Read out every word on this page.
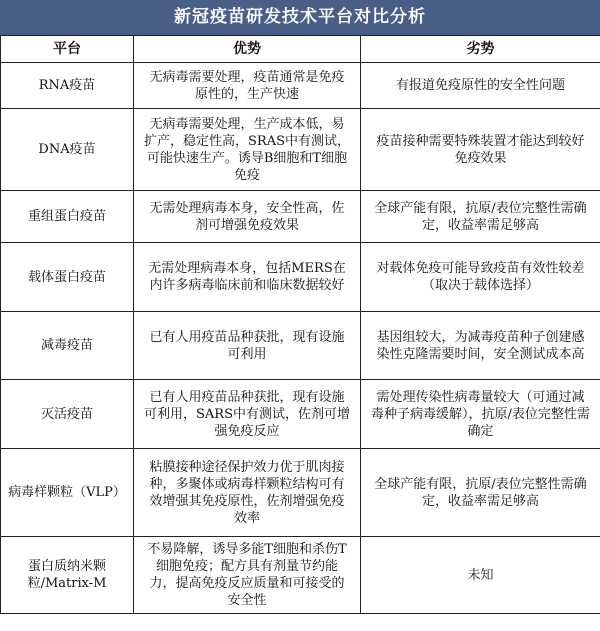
新冠疫苗研发技术平台对比分析
平台	优势	劣势
RNA疫苗	无病毒需要处理，疫苗通常是免疫原性的，生产快速	有报道免疫原性的安全性问题
DNA疫苗	无病毒需要处理，生产成本低，易扩产，稳定性高，SRAS中有测试，可能快速生产。诱导B细胞和T细胞免疫	疫苗接种需要特殊装置才能达到较好免疫效果
重组蛋白疫苗	无需处理病毒本身，安全性高，佐剂可增强免疫效果	全球产能有限，抗原/表位完整性需确定，收益率需足够高
载体蛋白疫苗	无需处理病毒本身，包括MERS在内许多病毒临床前和临床数据较好	对载体免疫可能导致疫苗有效性较差（取决于载体选择）
减毒疫苗	已有人用疫苗品种获批，现有设施可利用	基因组较大，为减毒疫苗种子创建感染性克隆需要时间，安全测试成本高
灭活疫苗	已有人用疫苗品种获批，现有设施可利用，SARS中有测试，佐剂可增强免疫反应	需处理传染性病毒量较大（可通过减毒种子病毒缓解），抗原/表位完整性需确定
病毒样颗粒（VLP）	粘膜接种途径保护效力优于肌肉接种，多聚体或病毒样颗粒结构可有效增强其免疫原性，佐剂增强免疫效率	全球产能有限，抗原/表位完整性需确定，收益率需足够高
蛋白质纳米颗粒/Matrix-M	不易降解，诱导多能T细胞和杀伤T细胞免疫；配方具有剂量节约能力，提高免疫反应质量和可接受的安全性	未知
